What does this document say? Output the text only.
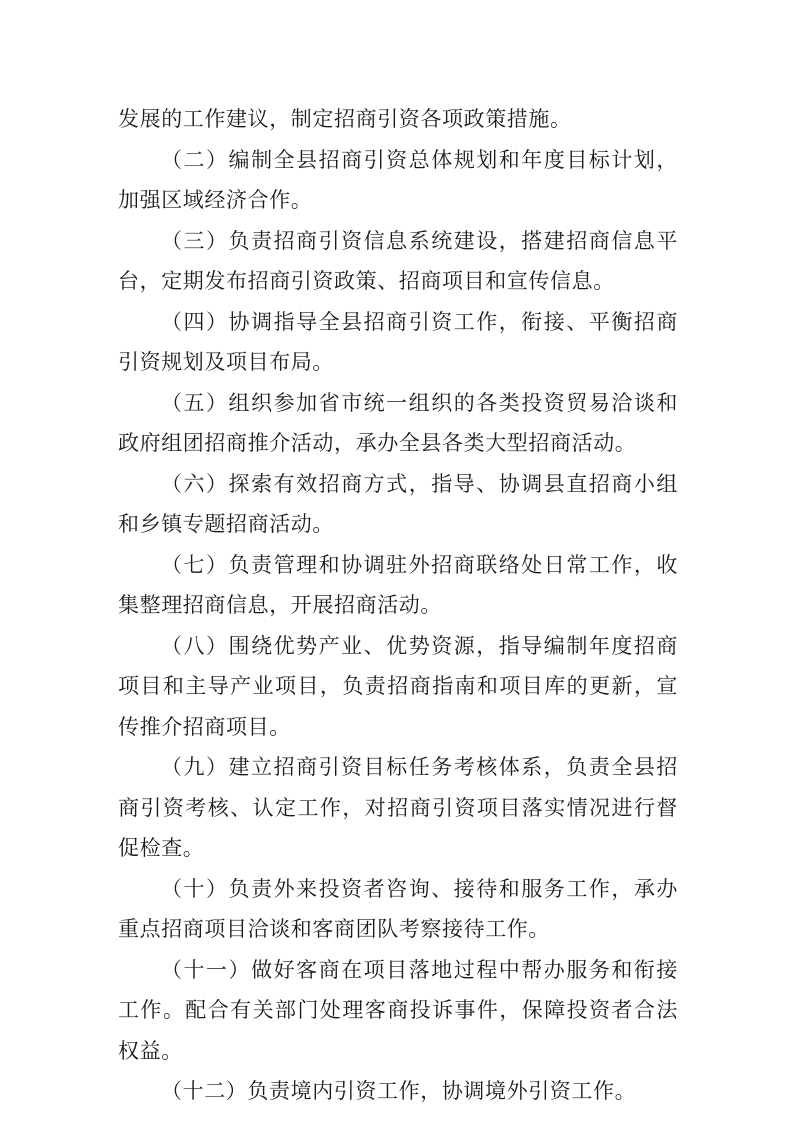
发展的工作建议，制定招商引资各项政策措施。

（二）编制全县招商引资总体规划和年度目标计划，加强区域经济合作。

（三）负责招商引资信息系统建设，搭建招商信息平台，定期发布招商引资政策、招商项目和宣传信息。

（四）协调指导全县招商引资工作，衔接、平衡招商引资规划及项目布局。

（五）组织参加省市统一组织的各类投资贸易洽谈和政府组团招商推介活动，承办全县各类大型招商活动。

（六）探索有效招商方式，指导、协调县直招商小组和乡镇专题招商活动。

（七）负责管理和协调驻外招商联络处日常工作，收集整理招商信息，开展招商活动。

（八）围绕优势产业、优势资源，指导编制年度招商项目和主导产业项目，负责招商指南和项目库的更新，宣传推介招商项目。

（九）建立招商引资目标任务考核体系，负责全县招商引资考核、认定工作，对招商引资项目落实情况进行督促检查。

（十）负责外来投资者咨询、接待和服务工作，承办重点招商项目洽谈和客商团队考察接待工作。

（十一）做好客商在项目落地过程中帮办服务和衔接工作。配合有关部门处理客商投诉事件，保障投资者合法权益。

（十二）负责境内引资工作，协调境外引资工作。
